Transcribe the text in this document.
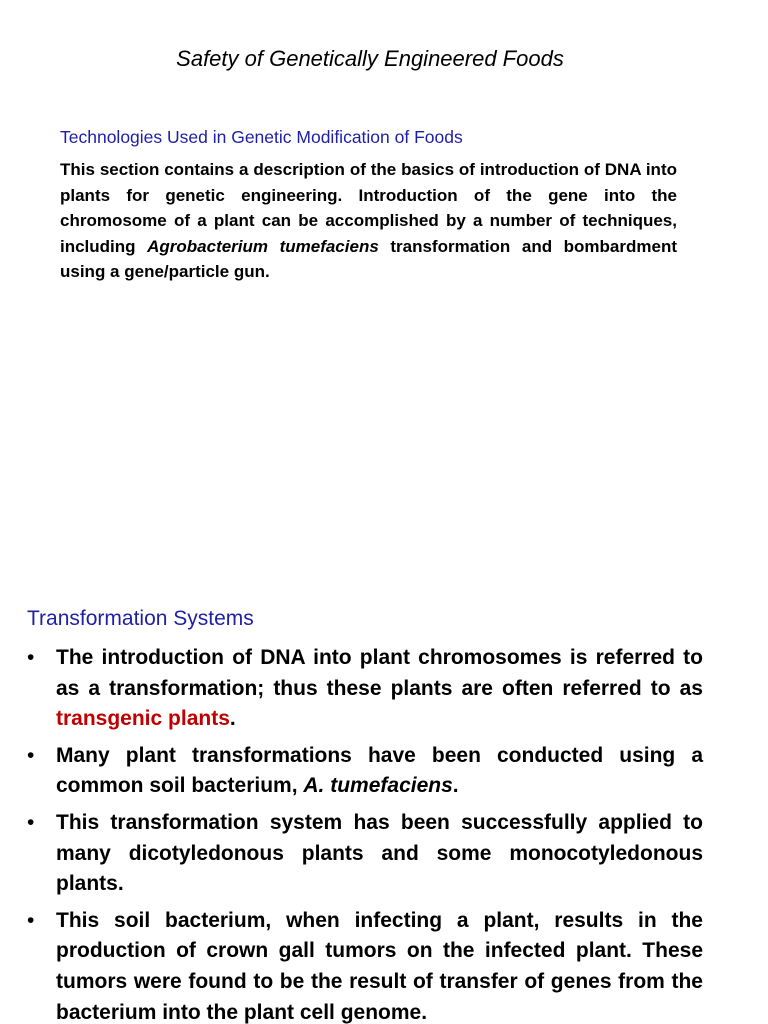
Safety of Genetically Engineered Foods
Technologies Used in Genetic Modification of Foods

This section contains a description of the basics of introduction of DNA into plants for genetic engineering. Introduction of the gene into the chromosome of a plant can be accomplished by a number of techniques, including Agrobacterium tumefaciens transformation and bombardment using a gene/particle gun.

Transformation Systems
• The introduction of DNA into plant chromosomes is referred to as a transformation; thus these plants are often referred to as transgenic plants.
• Many plant transformations have been conducted using a common soil bacterium, A. tumefaciens.
• This transformation system has been successfully applied to many dicotyledonous plants and some monocotyledonous plants.
• This soil bacterium, when infecting a plant, results in the production of crown gall tumors on the infected plant. These tumors were found to be the result of transfer of genes from the bacterium into the plant cell genome.
